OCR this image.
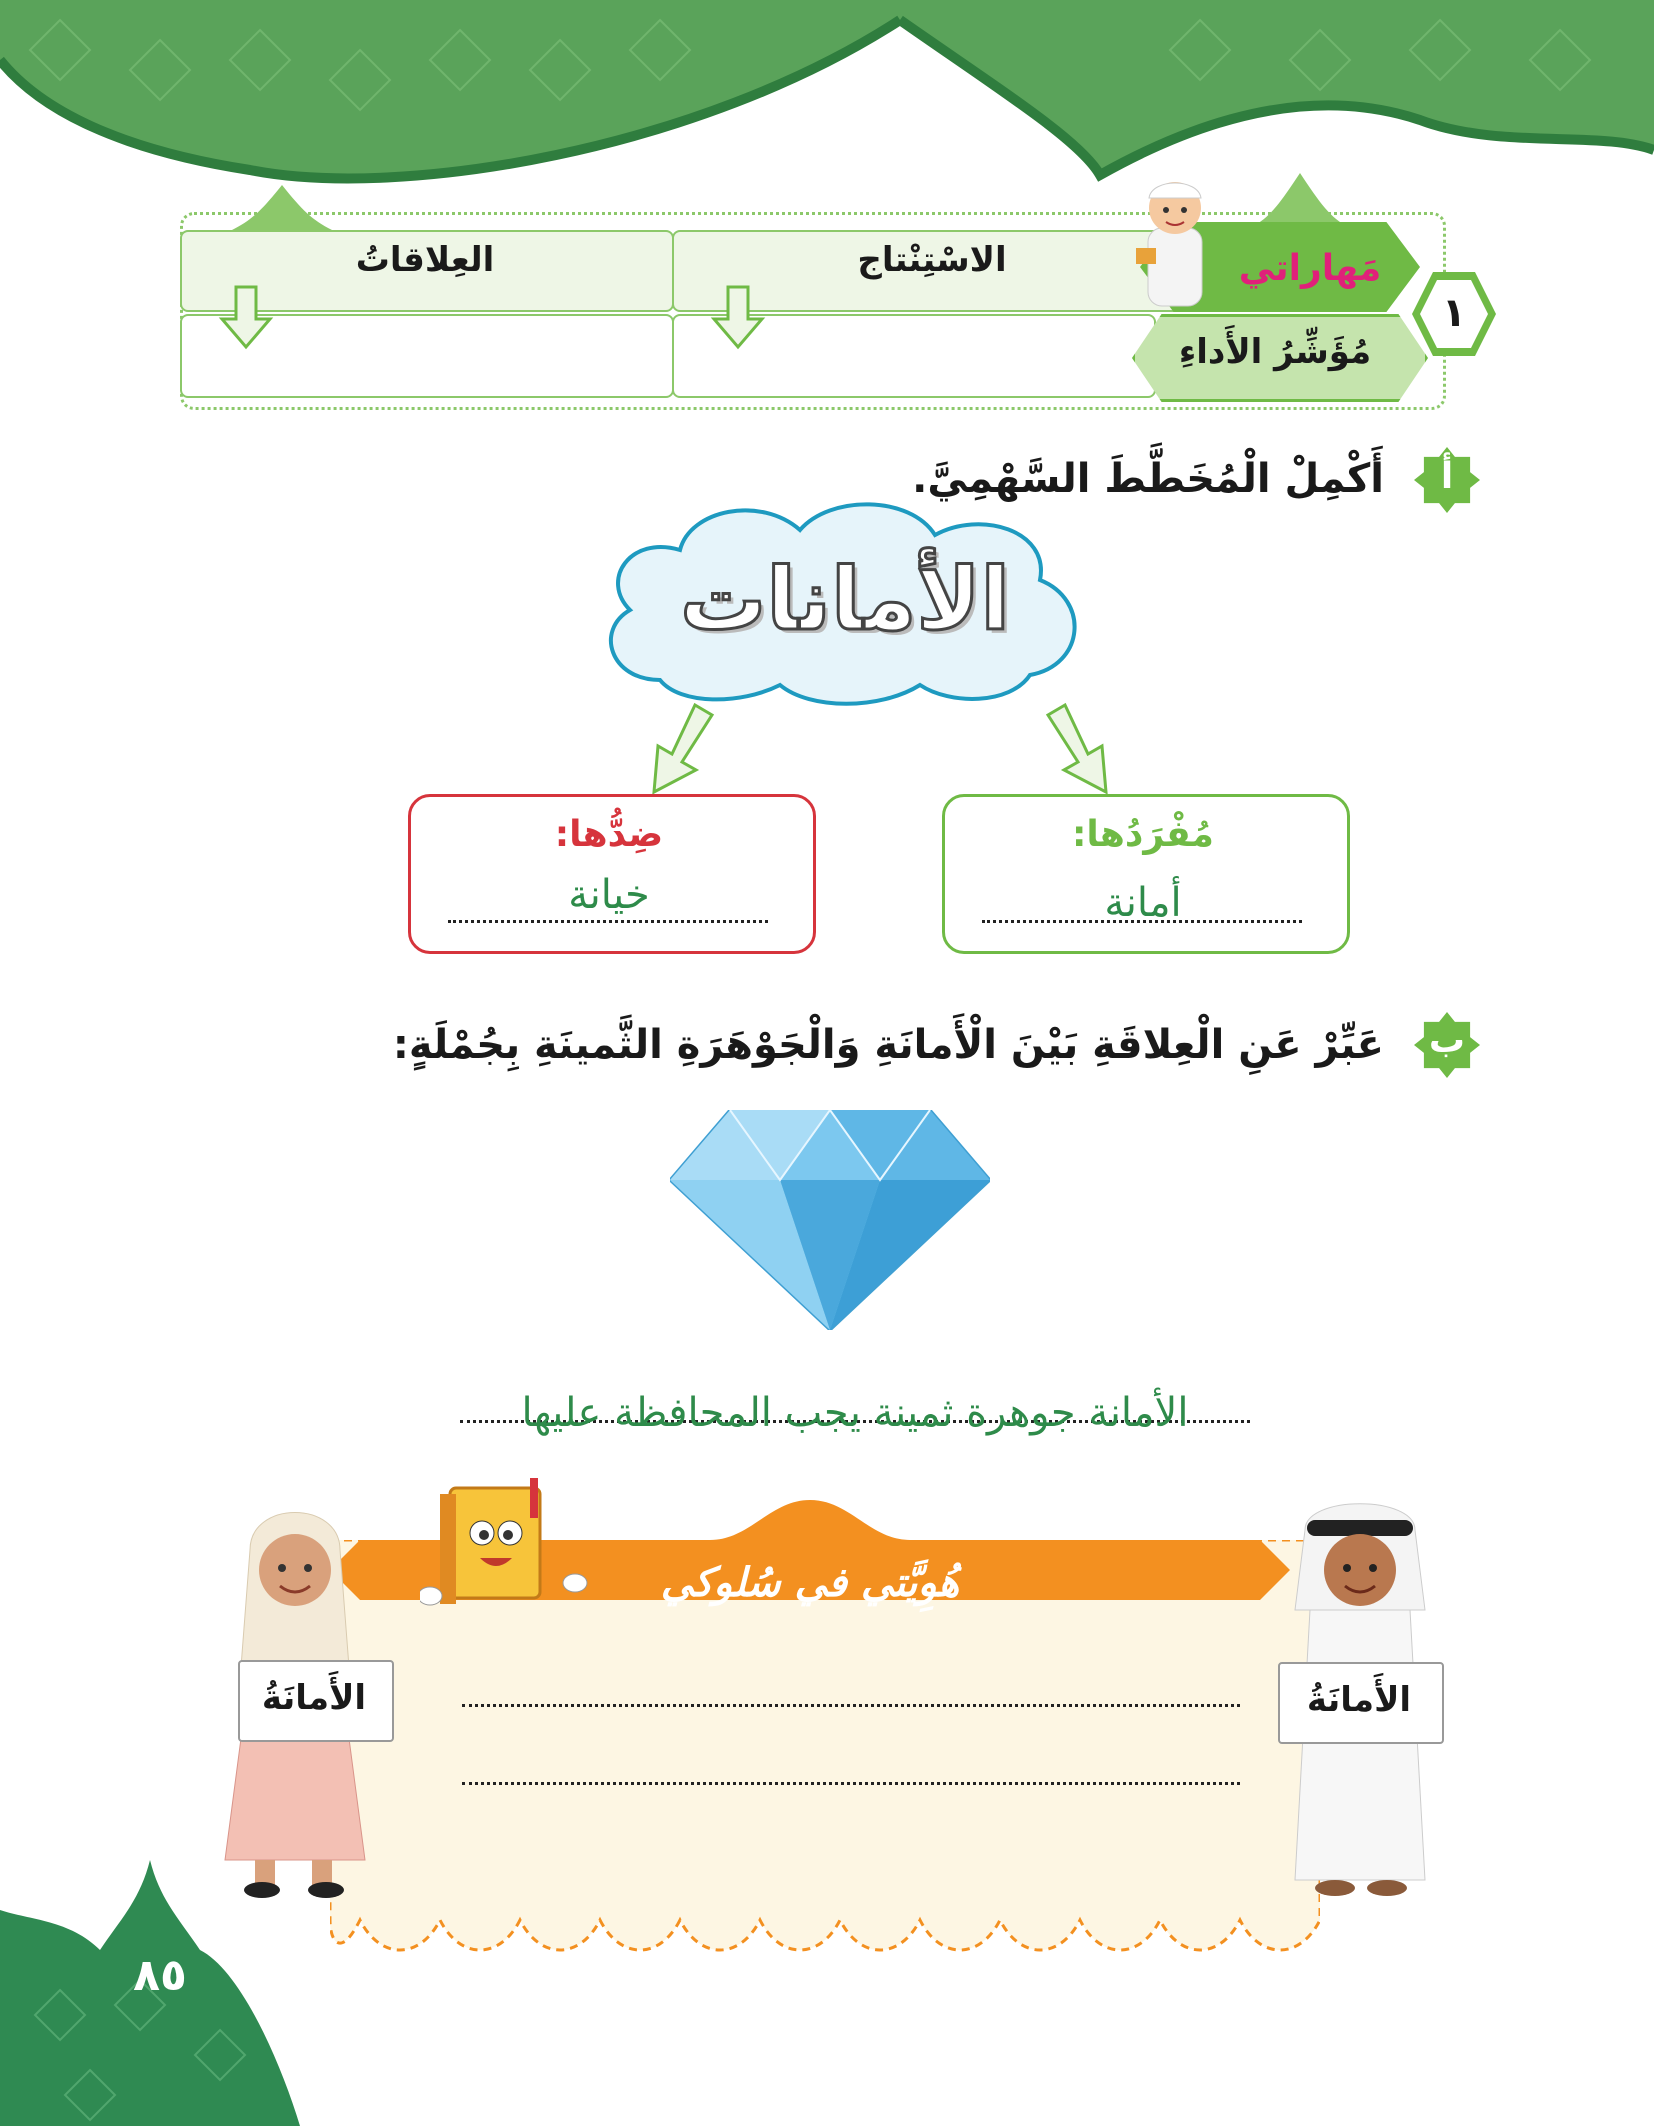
العِلاقاتُ	الاسْتِنْتاج	مَهاراتي
مُؤَشِّرُ الأَداءِ
١
أ
أَكْمِلْ الْمُخَطَّطَ السَّهْمِيَّ.
الأمانات
ضِدُّها:
خيانة
مُفْرَدُها:
أمانة
ب
عَبِّرْ عَنِ الْعِلاقَةِ بَيْنَ الْأَمانَةِ وَالْجَوْهَرَةِ الثَّمينَةِ بِجُمْلَةٍ:
الأمانة جوهرة ثمينة يجب المحافظة عليها
هُوِيَّتي في سُلوكي
الأَمانَةُ	الأَمانَةُ
٨٥
